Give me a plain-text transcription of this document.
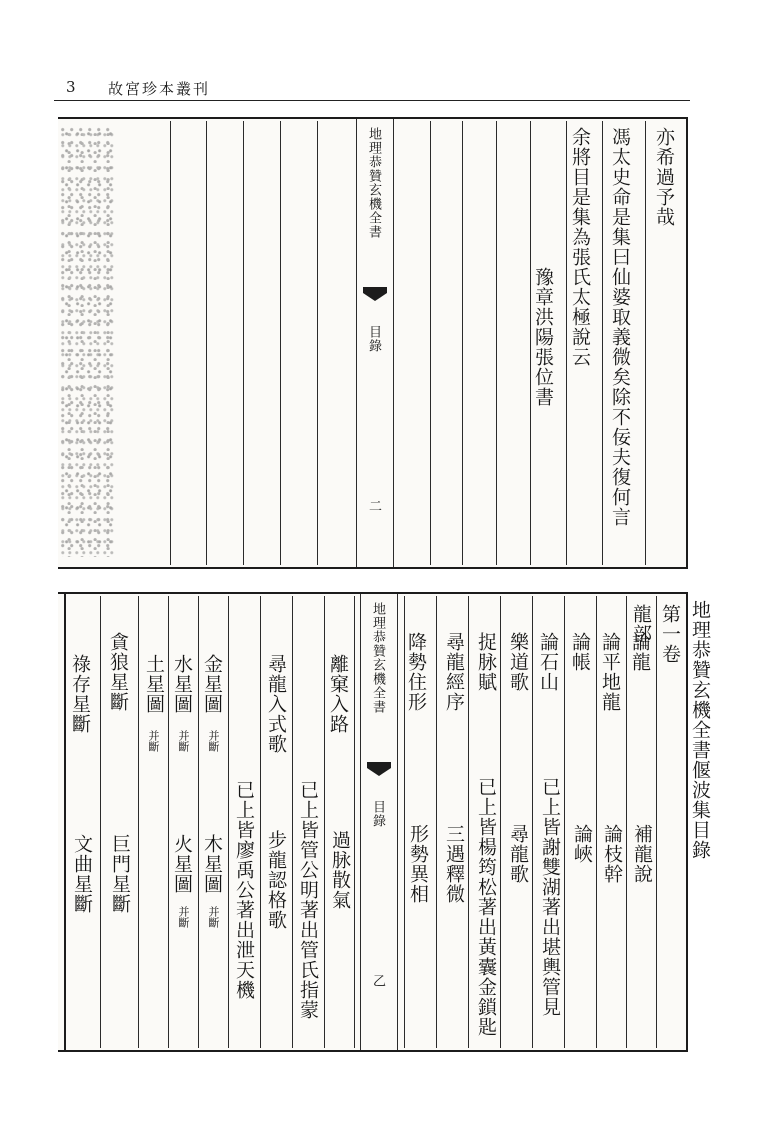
3 故宮珍本叢刊
地理恭贊玄機全書
目錄
二
豫章洪陽張位書 余將目是集為張氏太極說云 馮太史命是集曰仙婆取義微矣除不佞夫復何言 亦希過予哉
祿存星斷
文曲星斷
貪狼星斷
巨門星斷
土星圖
并斷
水星圖
并斷
火星圖
并斷
金星圖
并斷
木星圖
并斷 已上皆廖禹公著出泄天機
尋龍入式歌
步龍認格歌 已上皆管公明著出管氏指蒙
離窠入路
過脉散氣
地理恭贊玄機全書
目錄
乙
降勢住形
形勢異相
尋龍經序
三遇釋微
捉脉賦
已上皆楊筠松著出黃囊金鎖匙
樂道歌
尋龍歌
論石山
已上皆謝雙湖著出堪輿管見
論帳
論峽
論平地龍
論枝幹
論龍
補龍說
龍部 第一卷 地理恭贊玄機全書偃波集目錄
